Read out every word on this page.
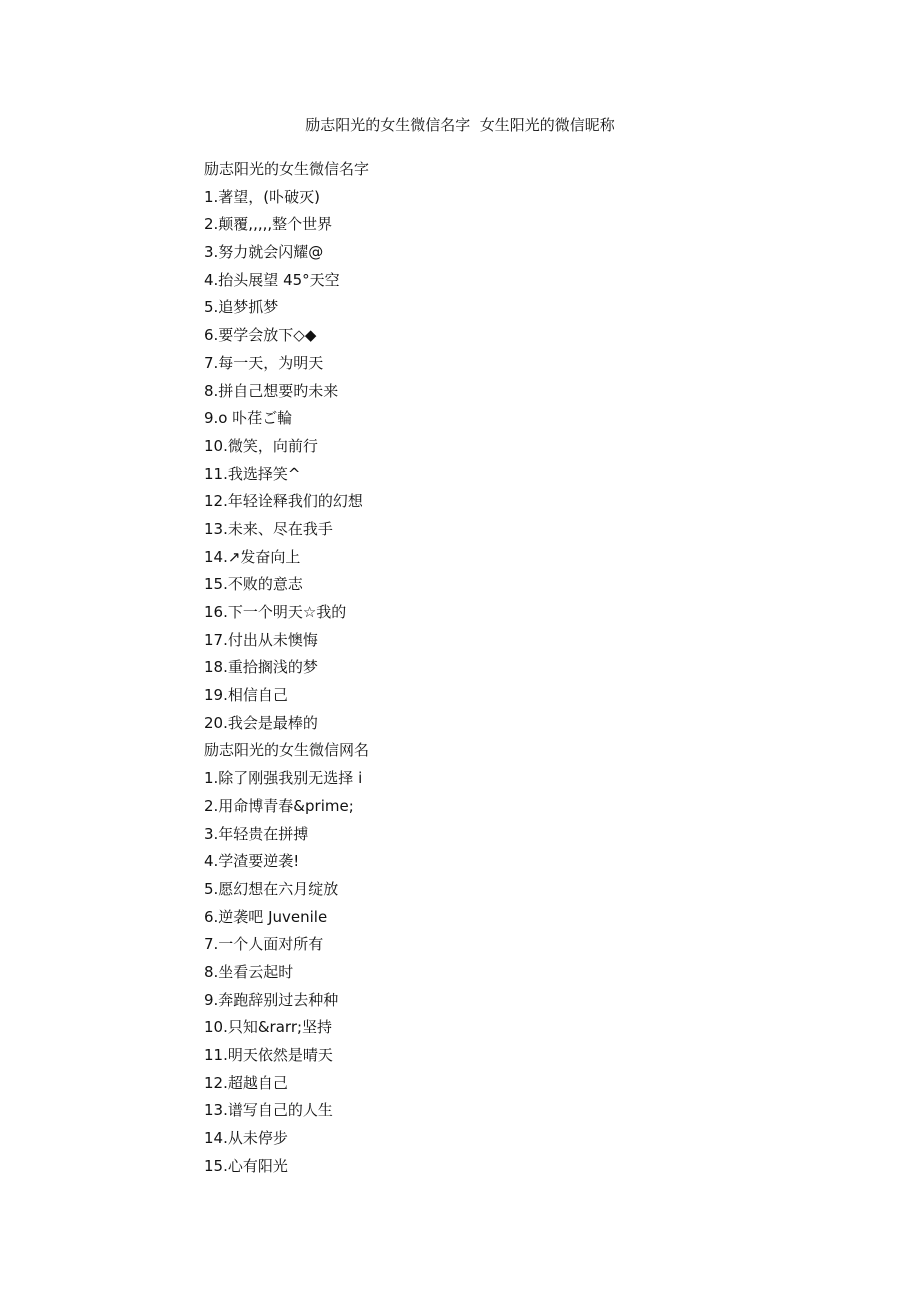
励志阳光的女生微信名字  女生阳光的微信昵称
励志阳光的女生微信名字
1.著望，(卟破灭)
2.颠覆,,,,,整个世界
3.努力就会闪耀@
4.抬头展望 45°天空
5.追梦抓梦
6.要学会放下◇◆
7.每一天，为明天
8.拼自己想要旳未来
9.o 卟荏ご輪
10.微笑，向前行
11.我选择笑^
12.年轻诠释我们的幻想
13.未来、尽在我手
14.↗发奋向上
15.不败的意志
16.下一个明天☆我的
17.付出从未懊悔
18.重拾搁浅的梦
19.相信自己
20.我会是最棒的
励志阳光的女生微信网名
1.除了刚强我别无选择 i
2.用命博青春&prime;
3.年轻贵在拼搏
4.学渣要逆袭!
5.愿幻想在六月绽放
6.逆袭吧 Juvenile
7.一个人面对所有
8.坐看云起时
9.奔跑辞别过去种种
10.只知&rarr;坚持
11.明天依然是晴天
12.超越自己
13.谱写自己的人生
14.从未停步
15.心有阳光
